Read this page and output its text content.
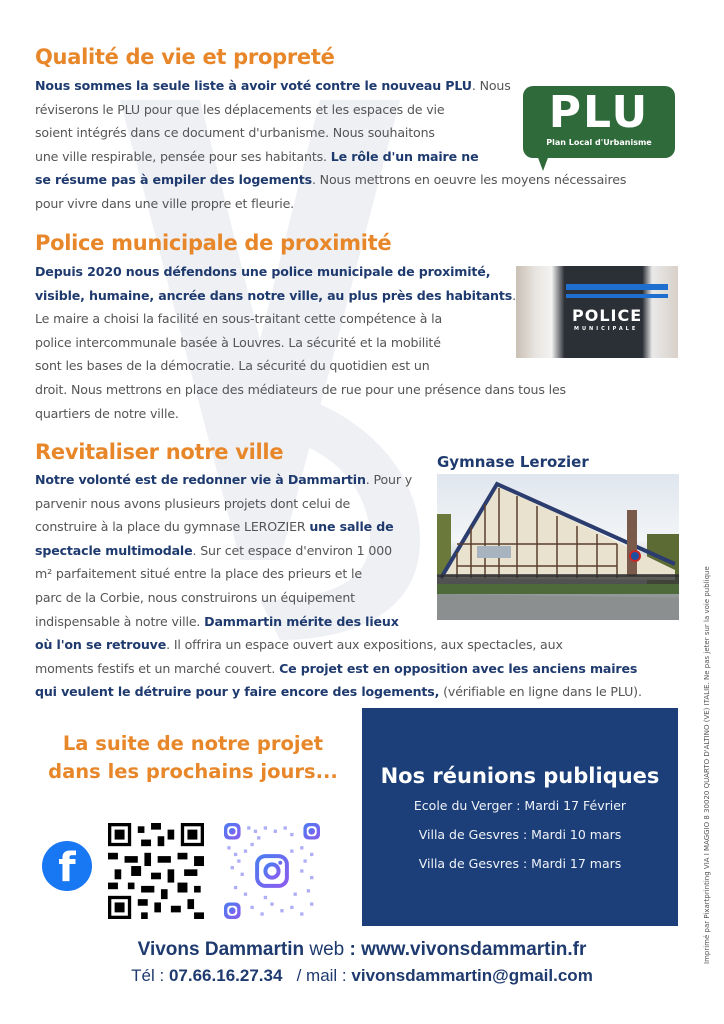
Qualité de vie et propreté
Nous sommes la seule liste à avoir voté contre le nouveau PLU. Nous
réviserons le PLU pour que les déplacements et les espaces de vie
soient intégrés dans ce document d'urbanisme. Nous souhaitons
une ville respirable, pensée pour ses habitants. Le rôle d'un maire ne
se résume pas à empiler des logements. Nous mettrons en oeuvre les moyens nécessaires
pour vivre dans une ville propre et fleurie.
PLU
Plan Local d'Urbanisme
Police municipale de proximité
Depuis 2020 nous défendons une police municipale de proximité,
visible, humaine, ancrée dans notre ville, au plus près des habitants.
Le maire a choisi la facilité en sous-traitant cette compétence à la
police intercommunale basée à Louvres. La sécurité et la mobilité
sont les bases de la démocratie. La sécurité du quotidien est un
droit. Nous mettrons en place des médiateurs de rue pour une présence dans tous les
quartiers de notre ville.
POLICE
MUNICIPALE
Revitaliser notre ville
Notre volonté est de redonner vie à Dammartin. Pour y
parvenir nous avons plusieurs projets dont celui de
construire à la place du gymnase LEROZIER une salle de
spectacle multimodale. Sur cet espace d'environ 1 000
m² parfaitement situé entre la place des prieurs et le
parc de la Corbie, nous construirons un équipement
indispensable à notre ville. Dammartin mérite des lieux
où l'on se retrouve. Il offrira un espace ouvert aux expositions, aux spectacles, aux
moments festifs et un marché couvert. Ce projet est en opposition avec les anciens maires
qui veulent le détruire pour y faire encore des logements, (vérifiable en ligne dans le PLU).
Gymnase Lerozier
La suite de notre projet
dans les prochains jours...
f
Nos réunions publiques
Ecole du Verger : Mardi 17 Février
Villa de Gesvres : Mardi 10 mars
Villa de Gesvres : Mardi 17 mars
Vivons Dammartin web : www.vivonsdammartin.fr
Tél : 07.66.16.27.34   / mail : vivonsdammartin@gmail.com
Imprimé par Pixartprinting VIA I MAGGIO 8 30020 QUARTO D'ALTINO (VE) ITALIE. Ne pas jeter sur la voie publique
